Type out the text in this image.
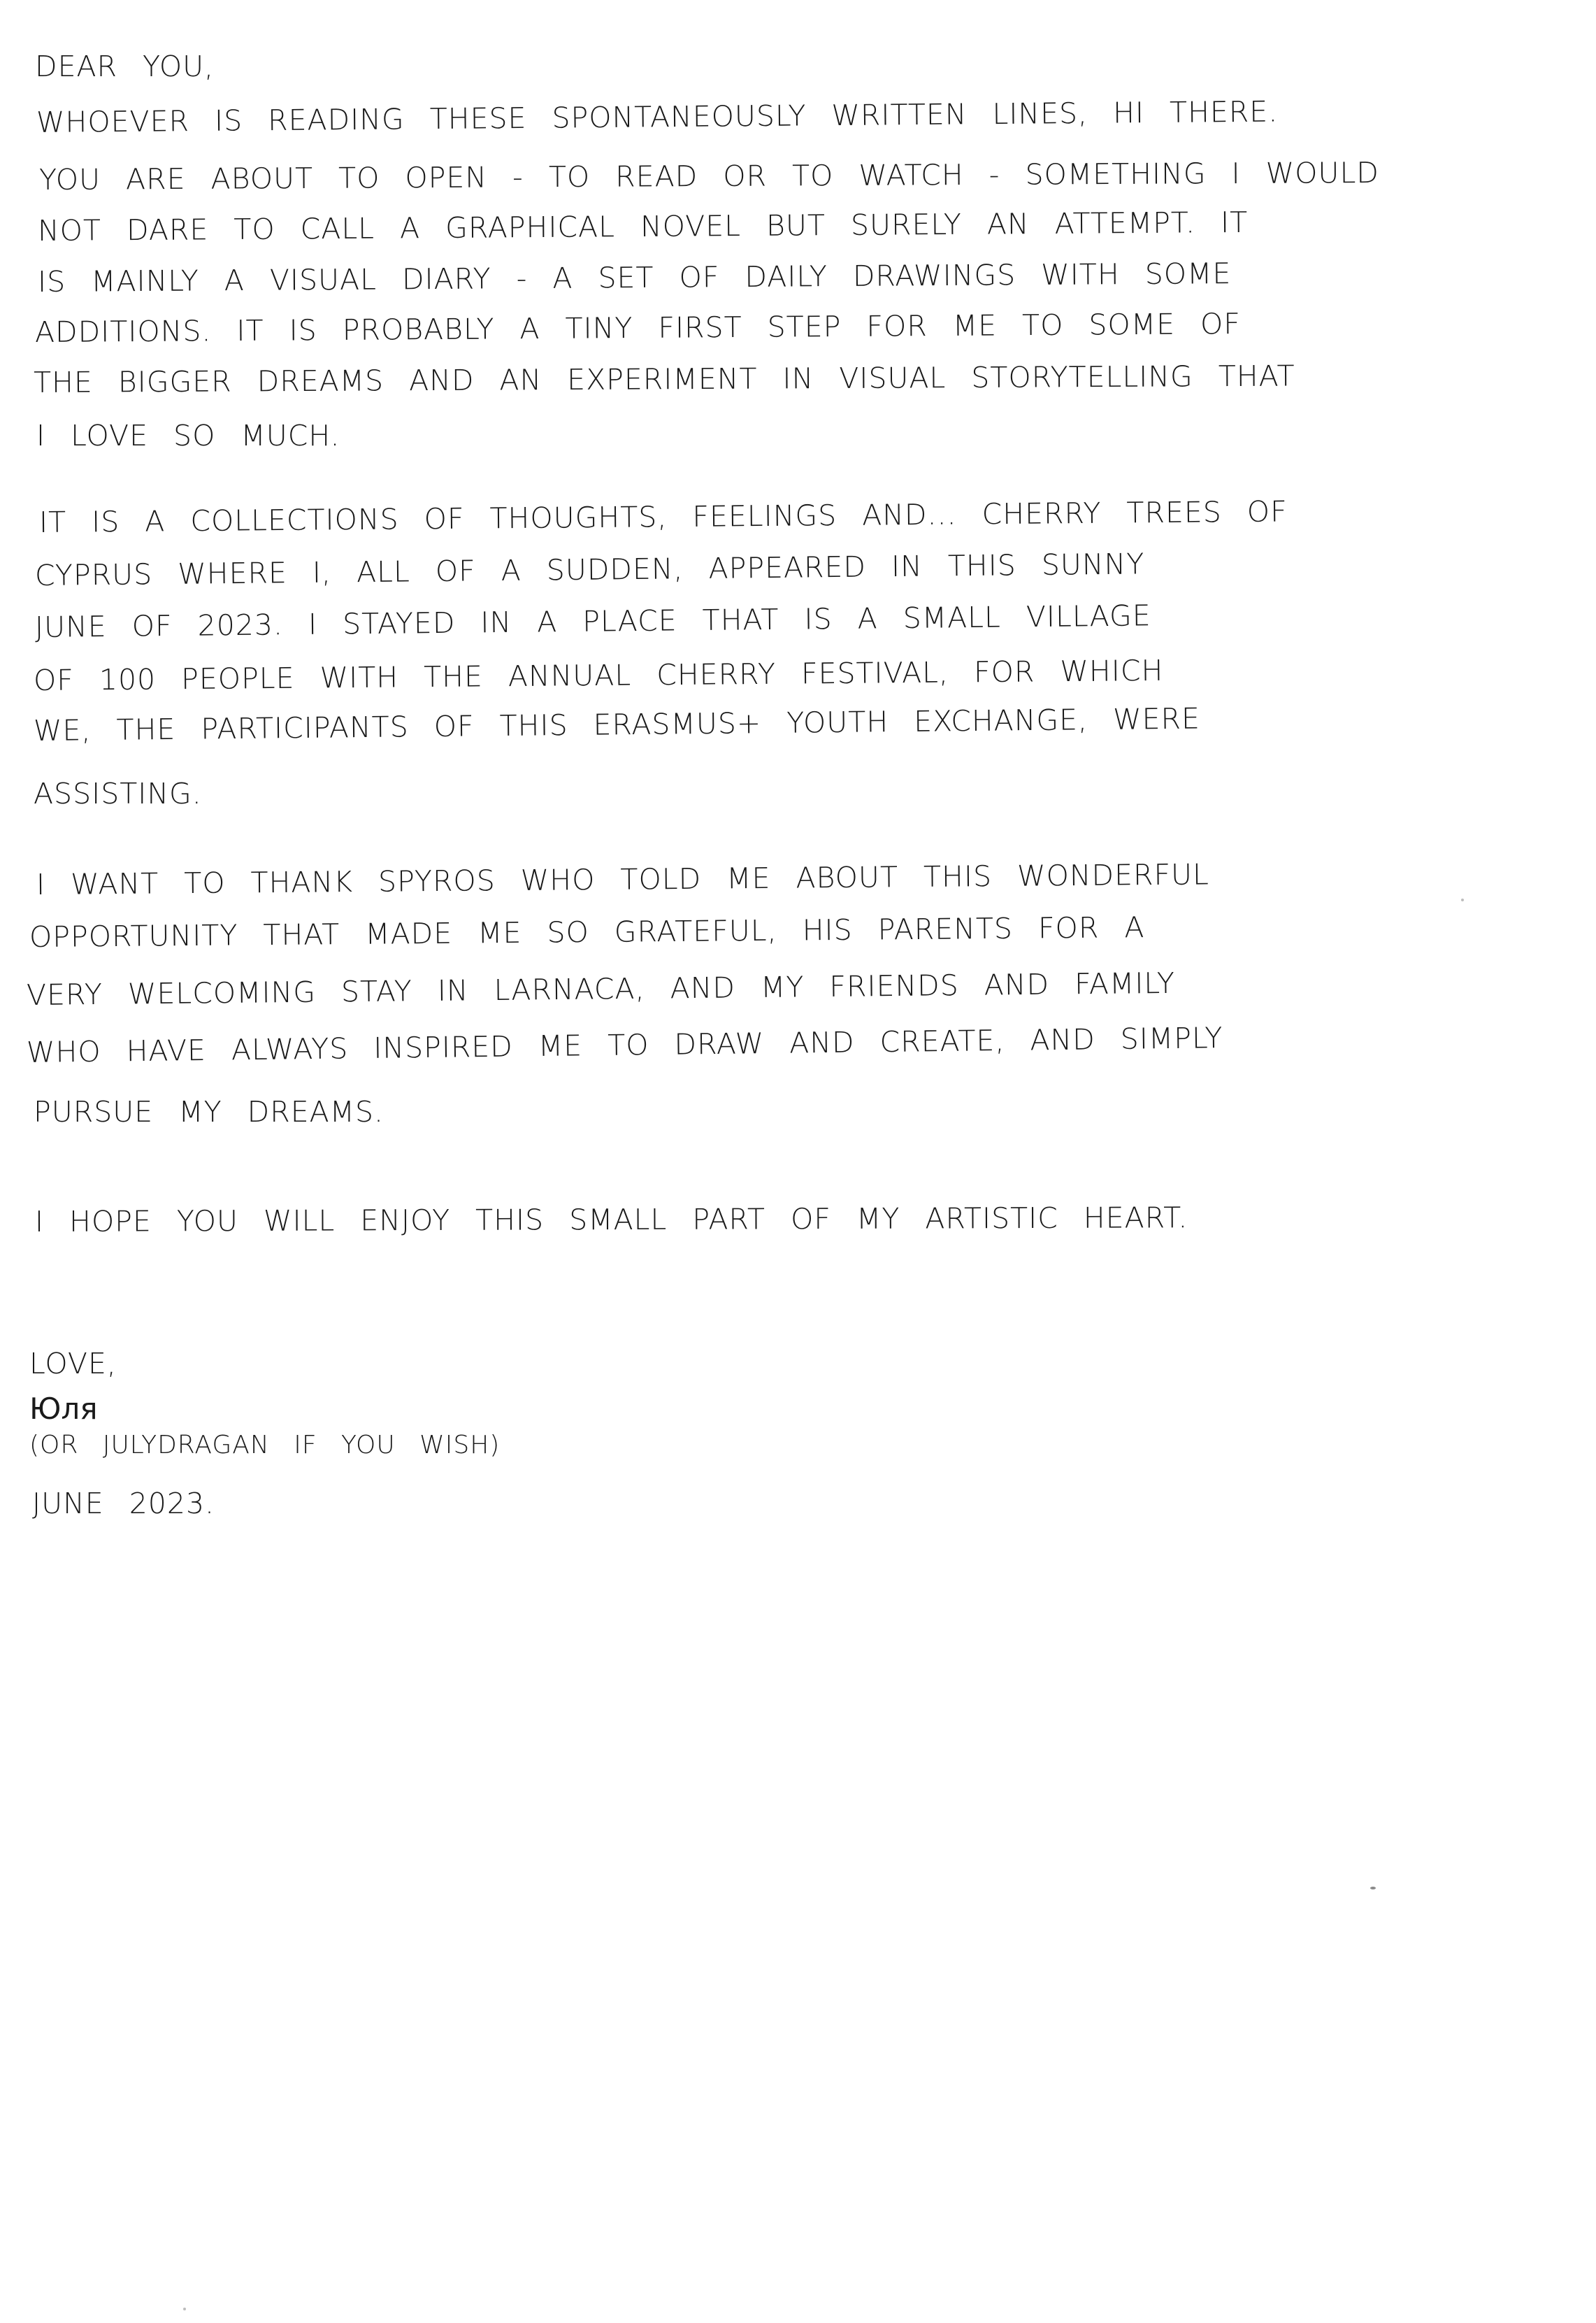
DEAR YOU,
WHOEVER IS READING THESE SPONTANEOUSLY WRITTEN LINES, HI THERE.
YOU ARE ABOUT TO OPEN - TO READ OR TO WATCH - SOMETHING I WOULD
NOT DARE TO CALL A GRAPHICAL NOVEL BUT SURELY AN ATTEMPT. IT
IS MAINLY A VISUAL DIARY - A SET OF DAILY DRAWINGS WITH SOME
ADDITIONS. IT IS PROBABLY A TINY FIRST STEP FOR ME TO SOME OF
THE BIGGER DREAMS AND AN EXPERIMENT IN VISUAL STORYTELLING THAT
I LOVE SO MUCH.
IT IS A COLLECTIONS OF THOUGHTS, FEELINGS AND... CHERRY TREES OF
CYPRUS WHERE I, ALL OF A SUDDEN, APPEARED IN THIS SUNNY
JUNE OF 2023. I STAYED IN A PLACE THAT IS A SMALL VILLAGE
OF 100 PEOPLE WITH THE ANNUAL CHERRY FESTIVAL, FOR WHICH
WE, THE PARTICIPANTS OF THIS ERASMUS+ YOUTH EXCHANGE, WERE
ASSISTING.
I WANT TO THANK SPYROS WHO TOLD ME ABOUT THIS WONDERFUL
OPPORTUNITY THAT MADE ME SO GRATEFUL, HIS PARENTS FOR A
VERY WELCOMING STAY IN LARNACA, AND MY FRIENDS AND FAMILY
WHO HAVE ALWAYS INSPIRED ME TO DRAW AND CREATE, AND SIMPLY
PURSUE MY DREAMS.
I HOPE YOU WILL ENJOY THIS SMALL PART OF MY ARTISTIC HEART.
LOVE,
Юля
(OR JULYDRAGAN IF YOU WISH)
JUNE 2023.
